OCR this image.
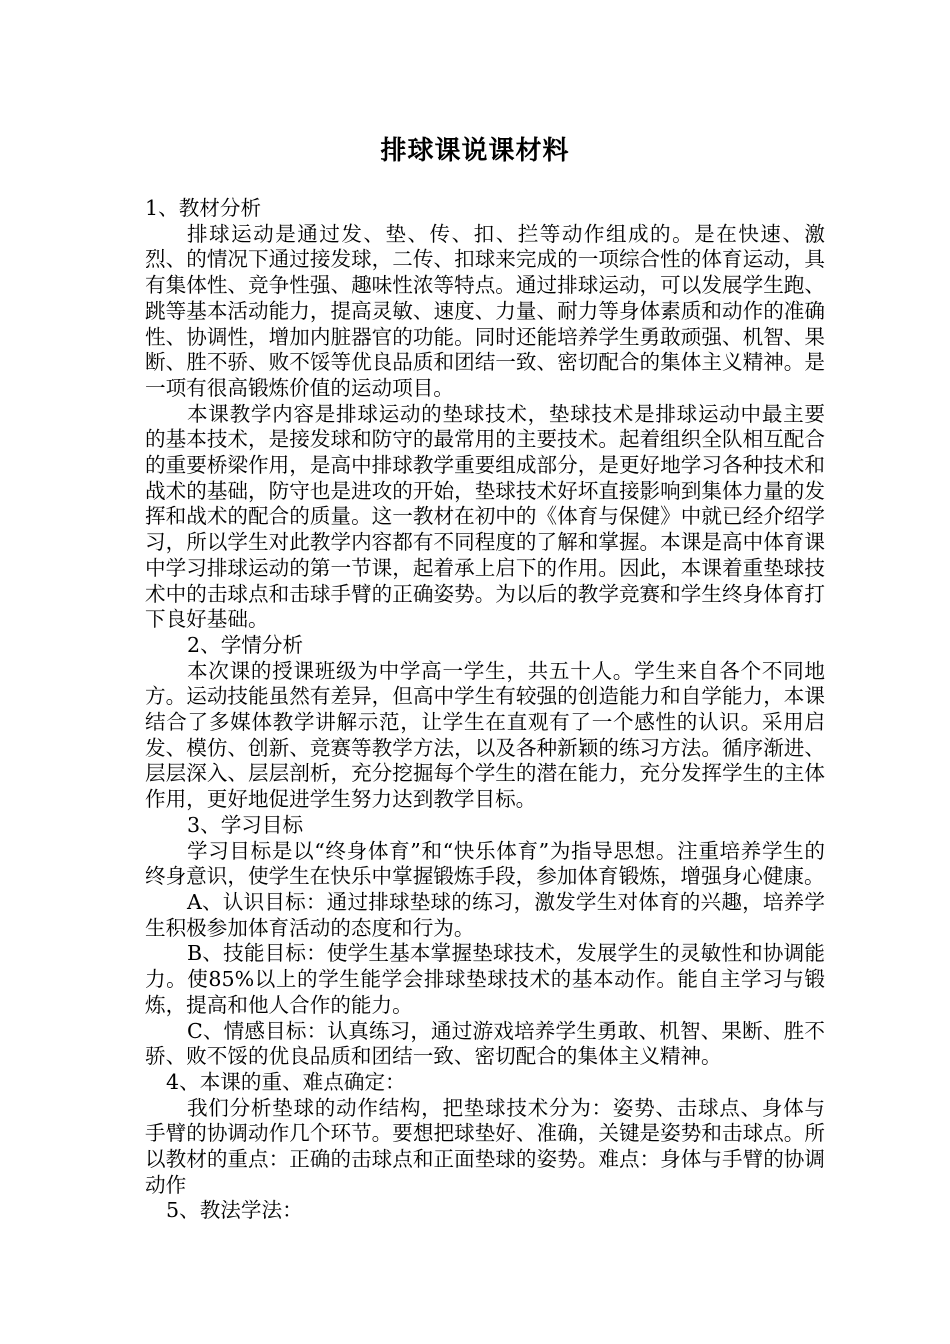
排球课说课材料

1、教材分析

排球运动是通过发、垫、传、扣、拦等动作组成的。是在快速、激烈、的情况下通过接发球，二传、扣球来完成的一项综合性的体育运动，具有集体性、竞争性强、趣味性浓等特点。通过排球运动，可以发展学生跑、跳等基本活动能力，提高灵敏、速度、力量、耐力等身体素质和动作的准确性、协调性，增加内脏器官的功能。同时还能培养学生勇敢顽强、机智、果断、胜不骄、败不馁等优良品质和团结一致、密切配合的集体主义精神。是一项有很高锻炼价值的运动项目。

本课教学内容是排球运动的垫球技术，垫球技术是排球运动中最主要的基本技术，是接发球和防守的最常用的主要技术。起着组织全队相互配合的重要桥梁作用，是高中排球教学重要组成部分，是更好地学习各种技术和战术的基础，防守也是进攻的开始，垫球技术好坏直接影响到集体力量的发挥和战术的配合的质量。这一教材在初中的《体育与保健》中就已经介绍学习，所以学生对此教学内容都有不同程度的了解和掌握。本课是高中体育课中学习排球运动的第一节课，起着承上启下的作用。因此，本课着重垫球技术中的击球点和击球手臂的正确姿势。为以后的教学竞赛和学生终身体育打下良好基础。

2、学情分析

本次课的授课班级为中学高一学生，共五十人。学生来自各个不同地方。运动技能虽然有差异，但高中学生有较强的创造能力和自学能力，本课结合了多媒体教学讲解示范，让学生在直观有了一个感性的认识。采用启发、模仿、创新、竞赛等教学方法，以及各种新颖的练习方法。循序渐进、层层深入、层层剖析，充分挖掘每个学生的潜在能力，充分发挥学生的主体作用，更好地促进学生努力达到教学目标。

3、学习目标

学习目标是以“终身体育”和“快乐体育”为指导思想。注重培养学生的终身意识，使学生在快乐中掌握锻炼手段，参加体育锻炼，增强身心健康。

A、认识目标：通过排球垫球的练习，激发学生对体育的兴趣，培养学生积极参加体育活动的态度和行为。

B、技能目标：使学生基本掌握垫球技术，发展学生的灵敏性和协调能力。使85%以上的学生能学会排球垫球技术的基本动作。能自主学习与锻炼，提高和他人合作的能力。

C、情感目标：认真练习，通过游戏培养学生勇敢、机智、果断、胜不骄、败不馁的优良品质和团结一致、密切配合的集体主义精神。

4、本课的重、难点确定：

我们分析垫球的动作结构，把垫球技术分为：姿势、击球点、身体与手臂的协调动作几个环节。要想把球垫好、准确，关键是姿势和击球点。所以教材的重点：正确的击球点和正面垫球的姿势。难点：身体与手臂的协调动作

5、教法学法：
